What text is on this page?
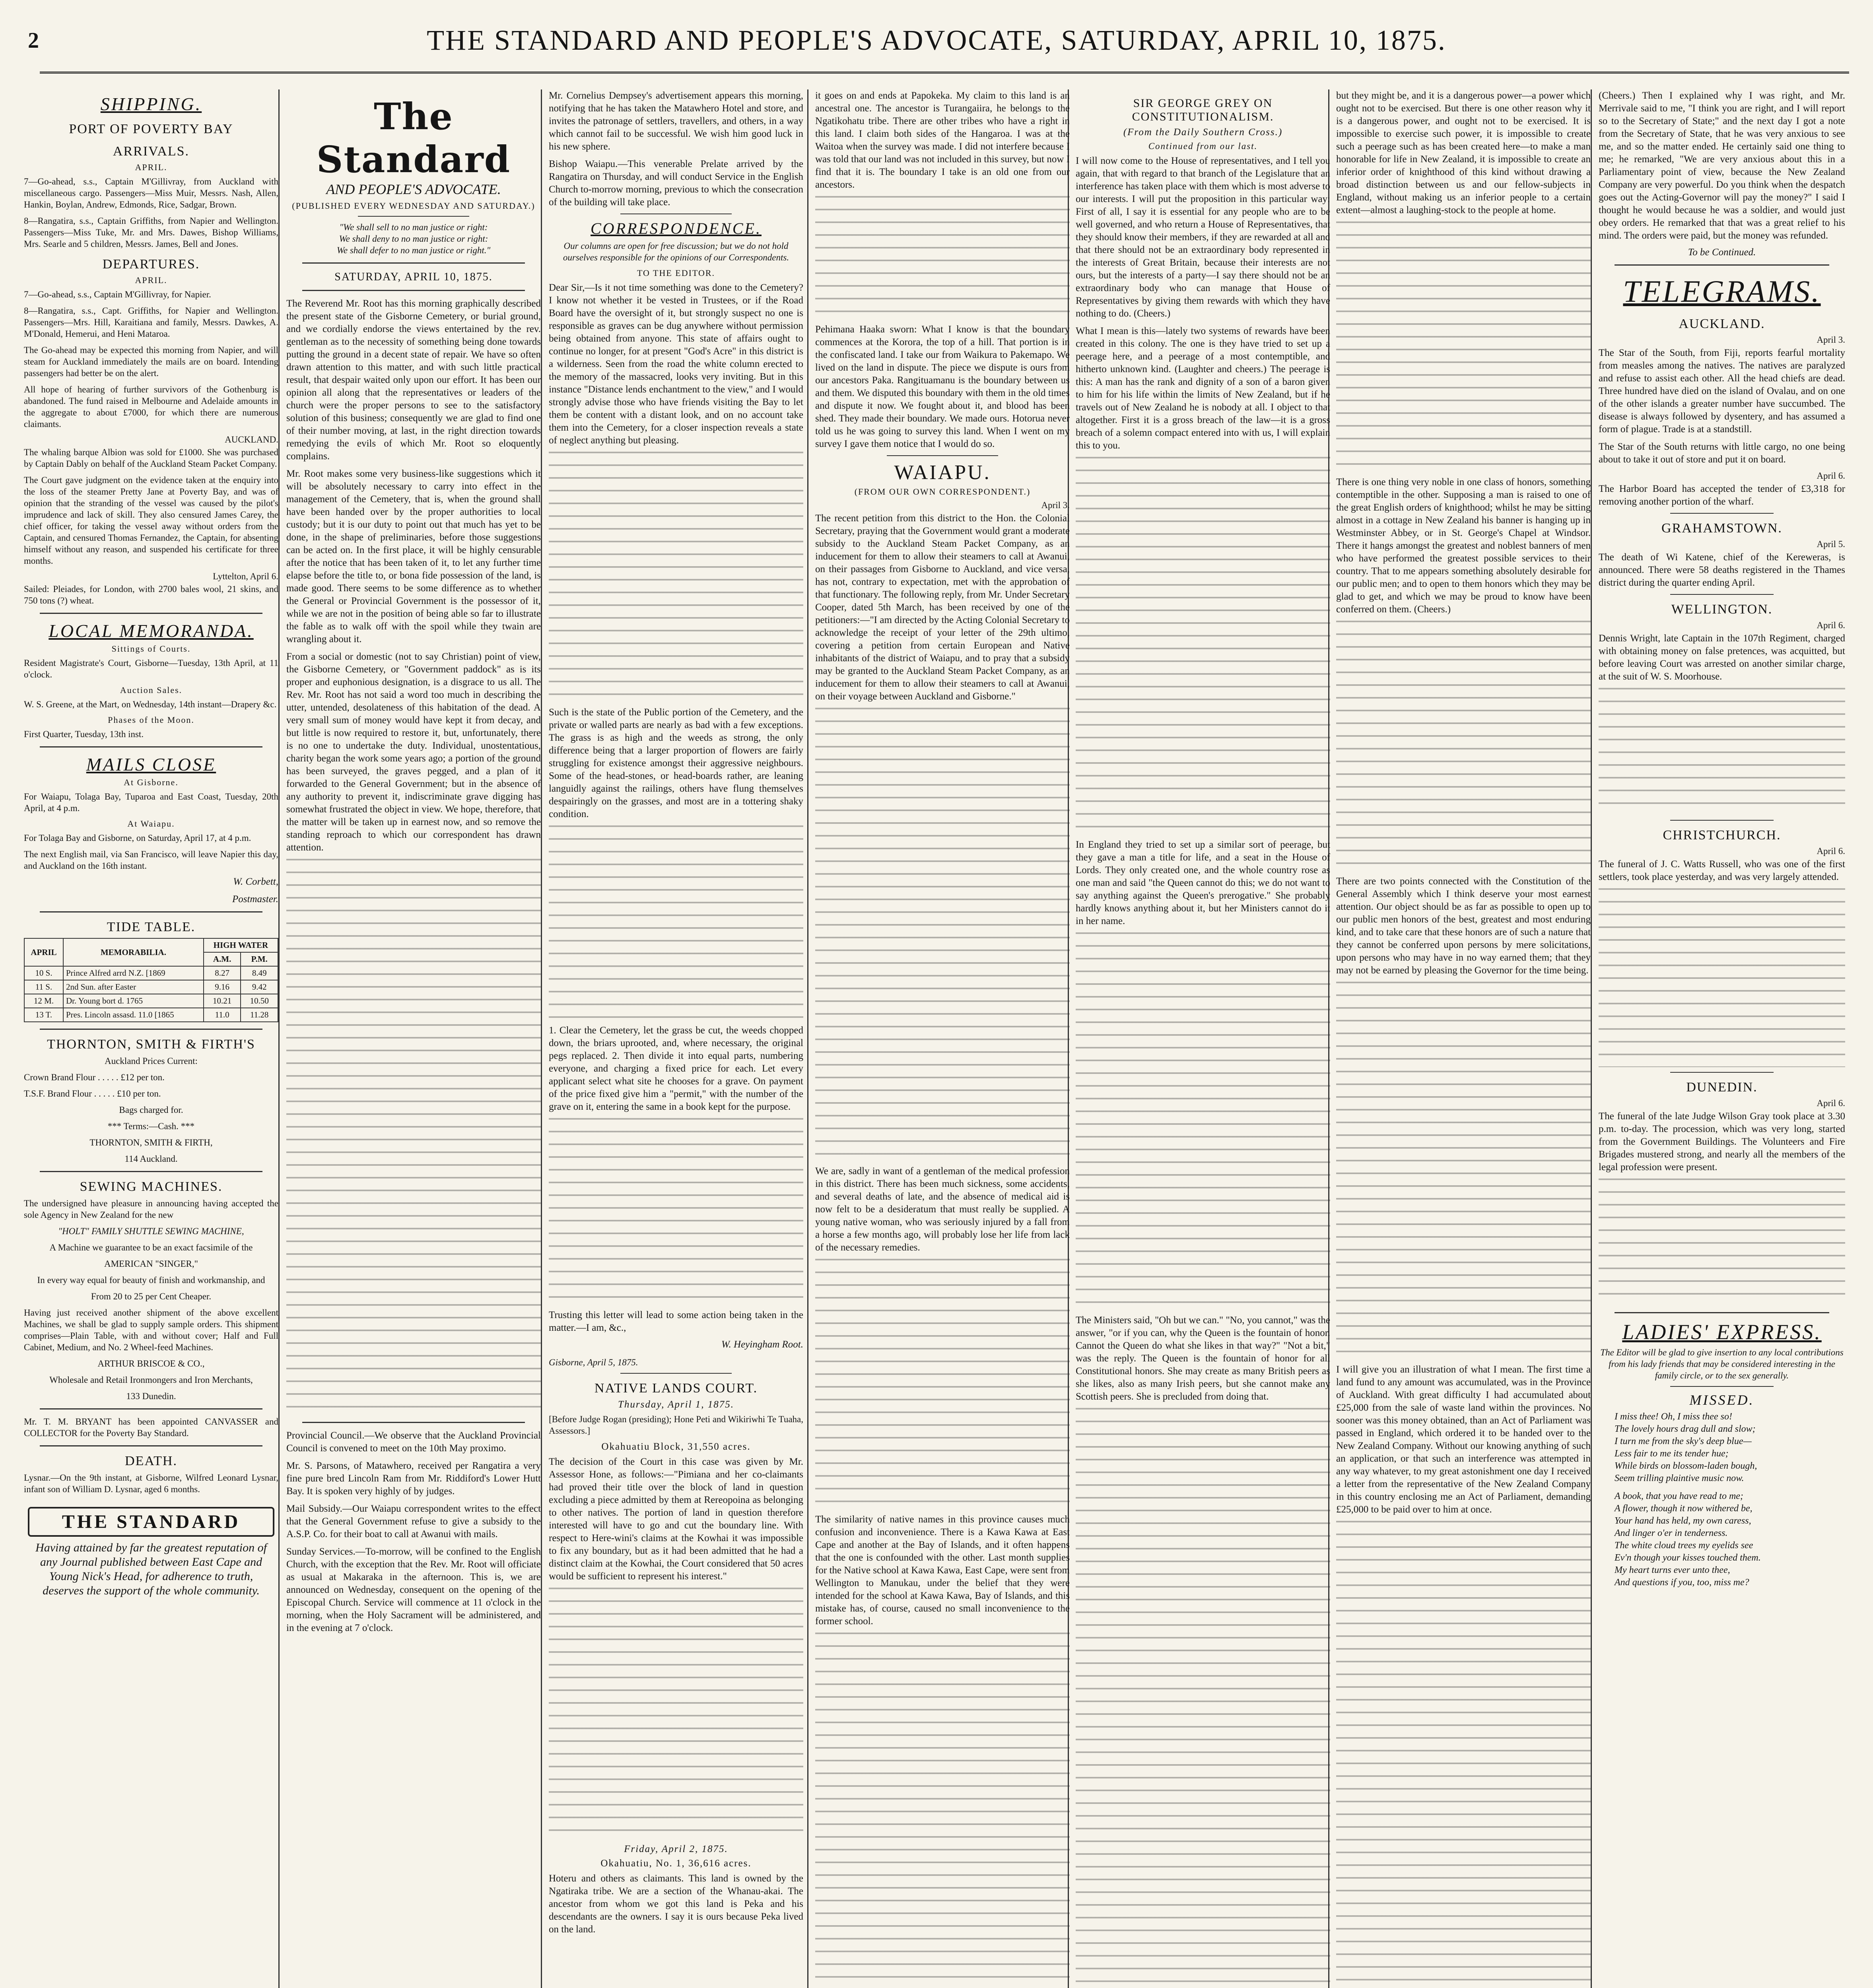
2	THE STANDARD AND PEOPLE'S ADVOCATE, SATURDAY, APRIL 10, 1875.
SHIPPING.
PORT OF POVERTY BAY
ARRIVALS.
APRIL.

7—Go-ahead, s.s., Captain M'Gillivray, from Auckland with miscellaneous cargo. Passengers—Miss Muir, Messrs. Nash, Allen, Hankin, Boylan, Andrew, Edmonds, Rice, Sadgar, Brown.

8—Rangatira, s.s., Captain Griffiths, from Napier and Wellington. Passengers—Miss Tuke, Mr. and Mrs. Dawes, Bishop Williams, Mrs. Searle and 5 children, Messrs. James, Bell and Jones.

DEPARTURES.
APRIL.

7—Go-ahead, s.s., Captain M'Gillivray, for Napier.

8—Rangatira, s.s., Capt. Griffiths, for Napier and Wellington. Passengers—Mrs. Hill, Karaitiana and family, Messrs. Dawkes, A. M'Donald, Hemerui, and Heni Mataroa.

The Go-ahead may be expected this morning from Napier, and will steam for Auckland immediately the mails are on board. Intending passengers had better be on the alert.

All hope of hearing of further survivors of the Gothenburg is abandoned. The fund raised in Melbourne and Adelaide amounts in the aggregate to about £7000, for which there are numerous claimants.

AUCKLAND.

The whaling barque Albion was sold for £1000. She was purchased by Captain Dably on behalf of the Auckland Steam Packet Company.

The Court gave judgment on the evidence taken at the enquiry into the loss of the steamer Pretty Jane at Poverty Bay, and was of opinion that the stranding of the vessel was caused by the pilot's imprudence and lack of skill. They also censured James Carey, the chief officer, for taking the vessel away without orders from the Captain, and censured Thomas Fernandez, the Captain, for absenting himself without any reason, and suspended his certificate for three months.

Lyttelton, April 6.

Sailed: Pleiades, for London, with 2700 bales wool, 21 skins, and 750 tons (?) wheat.

LOCAL MEMORANDA.
Sittings of Courts.

Resident Magistrate's Court, Gisborne—Tuesday, 13th April, at 11 o'clock.

Auction Sales.

W. S. Greene, at the Mart, on Wednesday, 14th instant—Drapery &c.

Phases of the Moon.

First Quarter, Tuesday, 13th inst.

MAILS CLOSE
At Gisborne.

For Waiapu, Tolaga Bay, Tuparoa and East Coast, Tuesday, 20th April, at 4 p.m.

At Waiapu.

For Tolaga Bay and Gisborne, on Saturday, April 17, at 4 p.m.

The next English mail, via San Francisco, will leave Napier this day, and Auckland on the 16th instant.

W. Corbett,
Postmaster.
TIDE TABLE.
APRIL	MEMORABILIA.	HIGH WATER	
		A.M.	P.M.
10 S.	Prince Alfred arrd N.Z. [1869	8.27	8.49
11 S.	2nd Sun. after Easter	9.16	9.42
12 M.	Dr. Young bort d. 1765	10.21	10.50
13 T.	Pres. Lincoln assasd. 11.0 [1865	11.0	11.28
THORNTON, SMITH & FIRTH'S

Auckland Prices Current:

Crown Brand Flour . . . . . £12 per ton.

T.S.F. Brand Flour . . . . . £10 per ton.

Bags charged for.

*** Terms:—Cash. ***

THORNTON, SMITH & FIRTH,

114 Auckland.

SEWING MACHINES.

The undersigned have pleasure in announcing having accepted the sole Agency in New Zealand for the new

"HOLT" FAMILY SHUTTLE SEWING MACHINE,

A Machine we guarantee to be an exact facsimile of the

AMERICAN "SINGER,"

In every way equal for beauty of finish and workmanship, and

From 20 to 25 per Cent Cheaper.

Having just received another shipment of the above excellent Machines, we shall be glad to supply sample orders. This shipment comprises—Plain Table, with and without cover; Half and Full Cabinet, Medium, and No. 2 Wheel-feed Machines.

ARTHUR BRISCOE & CO.,

Wholesale and Retail Ironmongers and Iron Merchants,

133 Dunedin.

Mr. T. M. BRYANT has been appointed CANVASSER and COLLECTOR for the Poverty Bay Standard.

DEATH.

Lysnar.—On the 9th instant, at Gisborne, Wilfred Leonard Lysnar, infant son of William D. Lysnar, aged 6 months.

THE STANDARD
Having attained by far the greatest reputation of any Journal published between East Cape and Young Nick's Head, for adherence to truth, deserves the support of the whole community.
The Standard
AND PEOPLE'S ADVOCATE.
(PUBLISHED EVERY WEDNESDAY AND SATURDAY.)

"We shall sell to no man justice or right:

We shall deny to no man justice or right:

We shall defer to no man justice or right."

SATURDAY, APRIL 10, 1875.

The Reverend Mr. Root has this morning graphically described the present state of the Gisborne Cemetery, or burial ground, and we cordially endorse the views entertained by the rev. gentleman as to the necessity of something being done towards putting the ground in a decent state of repair. We have so often drawn attention to this matter, and with such little practical result, that despair waited only upon our effort. It has been our opinion all along that the representatives or leaders of the church were the proper persons to see to the satisfactory solution of this business; consequently we are glad to find one of their number moving, at last, in the right direction towards remedying the evils of which Mr. Root so eloquently complains.

Mr. Root makes some very business-like suggestions which it will be absolutely necessary to carry into effect in the management of the Cemetery, that is, when the ground shall have been handed over by the proper authorities to local custody; but it is our duty to point out that much has yet to be done, in the shape of preliminaries, before those suggestions can be acted on. In the first place, it will be highly censurable after the notice that has been taken of it, to let any further time elapse before the title to, or bona fide possession of the land, is made good. There seems to be some difference as to whether the General or Provincial Government is the possessor of it, while we are not in the position of being able so far to illustrate the fable as to walk off with the spoil while they twain are wrangling about it.

From a social or domestic (not to say Christian) point of view, the Gisborne Cemetery, or "Government paddock" as is its proper and euphonious designation, is a disgrace to us all. The Rev. Mr. Root has not said a word too much in describing the utter, untended, desolateness of this habitation of the dead. A very small sum of money would have kept it from decay, and but little is now required to restore it, but, unfortunately, there is no one to undertake the duty. Individual, unostentatious, charity began the work some years ago; a portion of the ground has been surveyed, the graves pegged, and a plan of it forwarded to the General Government; but in the absence of any authority to prevent it, indiscriminate grave digging has somewhat frustrated the object in view. We hope, therefore, that the matter will be taken up in earnest now, and so remove the standing reproach to which our correspondent has drawn attention.

Provincial Council.—We observe that the Auckland Provincial Council is convened to meet on the 10th May proximo.

Mr. S. Parsons, of Matawhero, received per Rangatira a very fine pure bred Lincoln Ram from Mr. Riddiford's Lower Hutt Bay. It is spoken very highly of by judges.

Mail Subsidy.—Our Waiapu correspondent writes to the effect that the General Government refuse to give a subsidy to the A.S.P. Co. for their boat to call at Awanui with mails.

Sunday Services.—To-morrow, will be confined to the English Church, with the exception that the Rev. Mr. Root will officiate as usual at Makaraka in the afternoon. This is, we are announced on Wednesday, consequent on the opening of the Episcopal Church. Service will commence at 11 o'clock in the morning, when the Holy Sacrament will be administered, and in the evening at 7 o'clock.

Mr. Cornelius Dempsey's advertisement appears this morning, notifying that he has taken the Matawhero Hotel and store, and invites the patronage of settlers, travellers, and others, in a way which cannot fail to be successful. We wish him good luck in his new sphere.

Bishop Waiapu.—This venerable Prelate arrived by the Rangatira on Thursday, and will conduct Service in the English Church to-morrow morning, previous to which the consecration of the building will take place.

CORRESPONDENCE.

Our columns are open for free discussion; but we do not hold ourselves responsible for the opinions of our Correspondents.

TO THE EDITOR.

Dear Sir,—Is it not time something was done to the Cemetery? I know not whether it be vested in Trustees, or if the Road Board have the oversight of it, but strongly suspect no one is responsible as graves can be dug anywhere without permission being obtained from anyone. This state of affairs ought to continue no longer, for at present "God's Acre" in this district is a wilderness. Seen from the road the white column erected to the memory of the massacred, looks very inviting. But in this instance "Distance lends enchantment to the view," and I would strongly advise those who have friends visiting the Bay to let them be content with a distant look, and on no account take them into the Cemetery, for a closer inspection reveals a state of neglect anything but pleasing.

Such is the state of the Public portion of the Cemetery, and the private or walled parts are nearly as bad with a few exceptions. The grass is as high and the weeds as strong, the only difference being that a larger proportion of flowers are fairly struggling for existence amongst their aggressive neighbours. Some of the head-stones, or head-boards rather, are leaning languidly against the railings, others have flung themselves despairingly on the grasses, and most are in a tottering shaky condition.

1. Clear the Cemetery, let the grass be cut, the weeds chopped down, the briars uprooted, and, where necessary, the original pegs replaced. 2. Then divide it into equal parts, numbering everyone, and charging a fixed price for each. Let every applicant select what site he chooses for a grave. On payment of the price fixed give him a "permit," with the number of the grave on it, entering the same in a book kept for the purpose.

Trusting this letter will lead to some action being taken in the matter.—I am, &c.,

W. Heyingham Root.

Gisborne, April 5, 1875.

NATIVE LANDS COURT.
Thursday, April 1, 1875.

[Before Judge Rogan (presiding); Hone Peti and Wikiriwhi Te Tuaha, Assessors.]

Okahuatiu Block, 31,550 acres.

The decision of the Court in this case was given by Mr. Assessor Hone, as follows:—"Pimiana and her co-claimants had proved their title over the block of land in question excluding a piece admitted by them at Rereopoina as belonging to other natives. The portion of land in question therefore interested will have to go and cut the boundary line. With respect to Here-wini's claims at the Kowhai it was impossible to fix any boundary, but as it had been admitted that he had a distinct claim at the Kowhai, the Court considered that 50 acres would be sufficient to represent his interest."

Friday, April 2, 1875.
Okahuatiu, No. 1, 36,616 acres.

Hoteru and others as claimants. This land is owned by the Ngatiraka tribe. We are a section of the Whanau-akai. The ancestor from whom we got this land is Peka and his descendants are the owners. I say it is ours because Peka lived on the land.

it goes on and ends at Papokeka. My claim to this land is an ancestral one. The ancestor is Turangaiira, he belongs to the Ngatikohatu tribe. There are other tribes who have a right in this land. I claim both sides of the Hangaroa. I was at the Waitoa when the survey was made. I did not interfere because I was told that our land was not included in this survey, but now I find that it is. The boundary I take is an old one from our ancestors.

Pehimana Haaka sworn: What I know is that the boundary commences at the Korora, the top of a hill. That portion is in the confiscated land. I take our from Waikura to Pakemapo. We lived on the land in dispute. The piece we dispute is ours from our ancestors Paka. Rangituamanu is the boundary between us and them. We disputed this boundary with them in the old times and dispute it now. We fought about it, and blood has been shed. They made their boundary. We made ours. Hotorua never told us he was going to survey this land. When I went on my survey I gave them notice that I would do so.

WAIAPU.
(FROM OUR OWN CORRESPONDENT.)
April 3.

The recent petition from this district to the Hon. the Colonial Secretary, praying that the Government would grant a moderate subsidy to the Auckland Steam Packet Company, as an inducement for them to allow their steamers to call at Awanui, on their passages from Gisborne to Auckland, and vice versa, has not, contrary to expectation, met with the approbation of that functionary. The following reply, from Mr. Under Secretary Cooper, dated 5th March, has been received by one of the petitioners:—"I am directed by the Acting Colonial Secretary to acknowledge the receipt of your letter of the 29th ultimo, covering a petition from certain European and Native inhabitants of the district of Waiapu, and to pray that a subsidy may be granted to the Auckland Steam Packet Company, as an inducement for them to allow their steamers to call at Awanui, on their voyage between Auckland and Gisborne."

We are, sadly in want of a gentleman of the medical profession in this district. There has been much sickness, some accidents, and several deaths of late, and the absence of medical aid is now felt to be a desideratum that must really be supplied. A young native woman, who was seriously injured by a fall from a horse a few months ago, will probably lose her life from lack of the necessary remedies.

The similarity of native names in this province causes much confusion and inconvenience. There is a Kawa Kawa at East Cape and another at the Bay of Islands, and it often happens that the one is confounded with the other. Last month supplies for the Native school at Kawa Kawa, East Cape, were sent from Wellington to Manukau, under the belief that they were intended for the school at Kawa Kawa, Bay of Islands, and this mistake has, of course, caused no small inconvenience to the former school.

SIR GEORGE GREY ON CONSTITUTIONALISM.
(From the Daily Southern Cross.)
Continued from our last.

I will now come to the House of representatives, and I tell you again, that with regard to that branch of the Legislature that an interference has taken place with them which is most adverse to our interests. I will put the proposition in this particular way: First of all, I say it is essential for any people who are to be well governed, and who return a House of Representatives, that they should know their members, if they are rewarded at all and that there should not be an extraordinary body represented in the interests of Great Britain, because their interests are not ours, but the interests of a party—I say there should not be an extraordinary body who can manage that House of Representatives by giving them rewards with which they have nothing to do. (Cheers.)

What I mean is this—lately two systems of rewards have been created in this colony. The one is they have tried to set up a peerage here, and a peerage of a most contemptible, and hitherto unknown kind. (Laughter and cheers.) The peerage is this: A man has the rank and dignity of a son of a baron given to him for his life within the limits of New Zealand, but if he travels out of New Zealand he is nobody at all. I object to that altogether. First it is a gross breach of the law—it is a gross breach of a solemn compact entered into with us, I will explain this to you.

In England they tried to set up a similar sort of peerage, but they gave a man a title for life, and a seat in the House of Lords. They only created one, and the whole country rose as one man and said "the Queen cannot do this; we do not want to say anything against the Queen's prerogative." She probably hardly knows anything about it, but her Ministers cannot do it in her name.

The Ministers said, "Oh but we can." "No, you cannot," was the answer, "or if you can, why the Queen is the fountain of honor. Cannot the Queen do what she likes in that way?" "Not a bit," was the reply. The Queen is the fountain of honor for all Constitutional honors. She may create as many British peers as she likes, also as many Irish peers, but she cannot make any Scottish peers. She is precluded from doing that.

but they might be, and it is a dangerous power—a power which ought not to be exercised. But there is one other reason why it is a dangerous power, and ought not to be exercised. It is impossible to exercise such power, it is impossible to create such a peerage such as has been created here—to make a man honorable for life in New Zealand, it is impossible to create an inferior order of knighthood of this kind without drawing a broad distinction between us and our fellow-subjects in England, without making us an inferior people to a certain extent—almost a laughing-stock to the people at home.

There is one thing very noble in one class of honors, something contemptible in the other. Supposing a man is raised to one of the great English orders of knighthood; whilst he may be sitting almost in a cottage in New Zealand his banner is hanging up in Westminster Abbey, or in St. George's Chapel at Windsor. There it hangs amongst the greatest and noblest banners of men who have performed the greatest possible services to their country. That to me appears something absolutely desirable for our public men; and to open to them honors which they may be glad to get, and which we may be proud to know have been conferred on them. (Cheers.)

There are two points connected with the Constitution of the General Assembly which I think deserve your most earnest attention. Our object should be as far as possible to open up to our public men honors of the best, greatest and most enduring kind, and to take care that these honors are of such a nature that they cannot be conferred upon persons by mere solicitations, upon persons who may have in no way earned them; that they may not be earned by pleasing the Governor for the time being.

I will give you an illustration of what I mean. The first time a land fund to any amount was accumulated, was in the Province of Auckland. With great difficulty I had accumulated about £25,000 from the sale of waste land within the provinces. No sooner was this money obtained, than an Act of Parliament was passed in England, which ordered it to be handed over to the New Zealand Company. Without our knowing anything of such an application, or that such an interference was attempted in any way whatever, to my great astonishment one day I received a letter from the representative of the New Zealand Company in this country enclosing me an Act of Parliament, demanding £25,000 to be paid over to him at once.

(Cheers.) Then I explained why I was right, and Mr. Merrivale said to me, "I think you are right, and I will report so to the Secretary of State;" and the next day I got a note from the Secretary of State, that he was very anxious to see me, and so the matter ended. He certainly said one thing to me; he remarked, "We are very anxious about this in a Parliamentary point of view, because the New Zealand Company are very powerful. Do you think when the despatch goes out the Acting-Governor will pay the money?" I said I thought he would because he was a soldier, and would just obey orders. He remarked that that was a great relief to his mind. The orders were paid, but the money was refunded.

To be Continued.
TELEGRAMS.
AUCKLAND.
April 3.

The Star of the South, from Fiji, reports fearful mortality from measles among the natives. The natives are paralyzed and refuse to assist each other. All the head chiefs are dead. Three hundred have died on the island of Ovalau, and on one of the other islands a greater number have succumbed. The disease is always followed by dysentery, and has assumed a form of plague. Trade is at a standstill.

The Star of the South returns with little cargo, no one being about to take it out of store and put it on board.

April 6.

The Harbor Board has accepted the tender of £3,318 for removing another portion of the wharf.

GRAHAMSTOWN.
April 5.

The death of Wi Katene, chief of the Kereweras, is announced. There were 58 deaths registered in the Thames district during the quarter ending April.

WELLINGTON.
April 6.

Dennis Wright, late Captain in the 107th Regiment, charged with obtaining money on false pretences, was acquitted, but before leaving Court was arrested on another similar charge, at the suit of W. S. Moorhouse.

CHRISTCHURCH.
April 6.

The funeral of J. C. Watts Russell, who was one of the first settlers, took place yesterday, and was very largely attended.

DUNEDIN.
April 6.

The funeral of the late Judge Wilson Gray took place at 3.30 p.m. to-day. The procession, which was very long, started from the Government Buildings. The Volunteers and Fire Brigades mustered strong, and nearly all the members of the legal profession were present.

LADIES' EXPRESS.

The Editor will be glad to give insertion to any local contributions from his lady friends that may be considered interesting in the family circle, or to the sex generally.

MISSED.
I miss thee! Oh, I miss thee so!
The lovely hours drag dull and slow;
I turn me from the sky's deep blue—
Less fair to me its tender hue;
While birds on blossom-laden bough,
Seem trilling plaintive music now.
A book, that you have read to me;
A flower, though it now withered be,
Your hand has held, my own caress,
And linger o'er in tenderness.
The white cloud trees my eyelids see
Ev'n though your kisses touched them.
My heart turns ever unto thee,
And questions if you, too, miss me?
